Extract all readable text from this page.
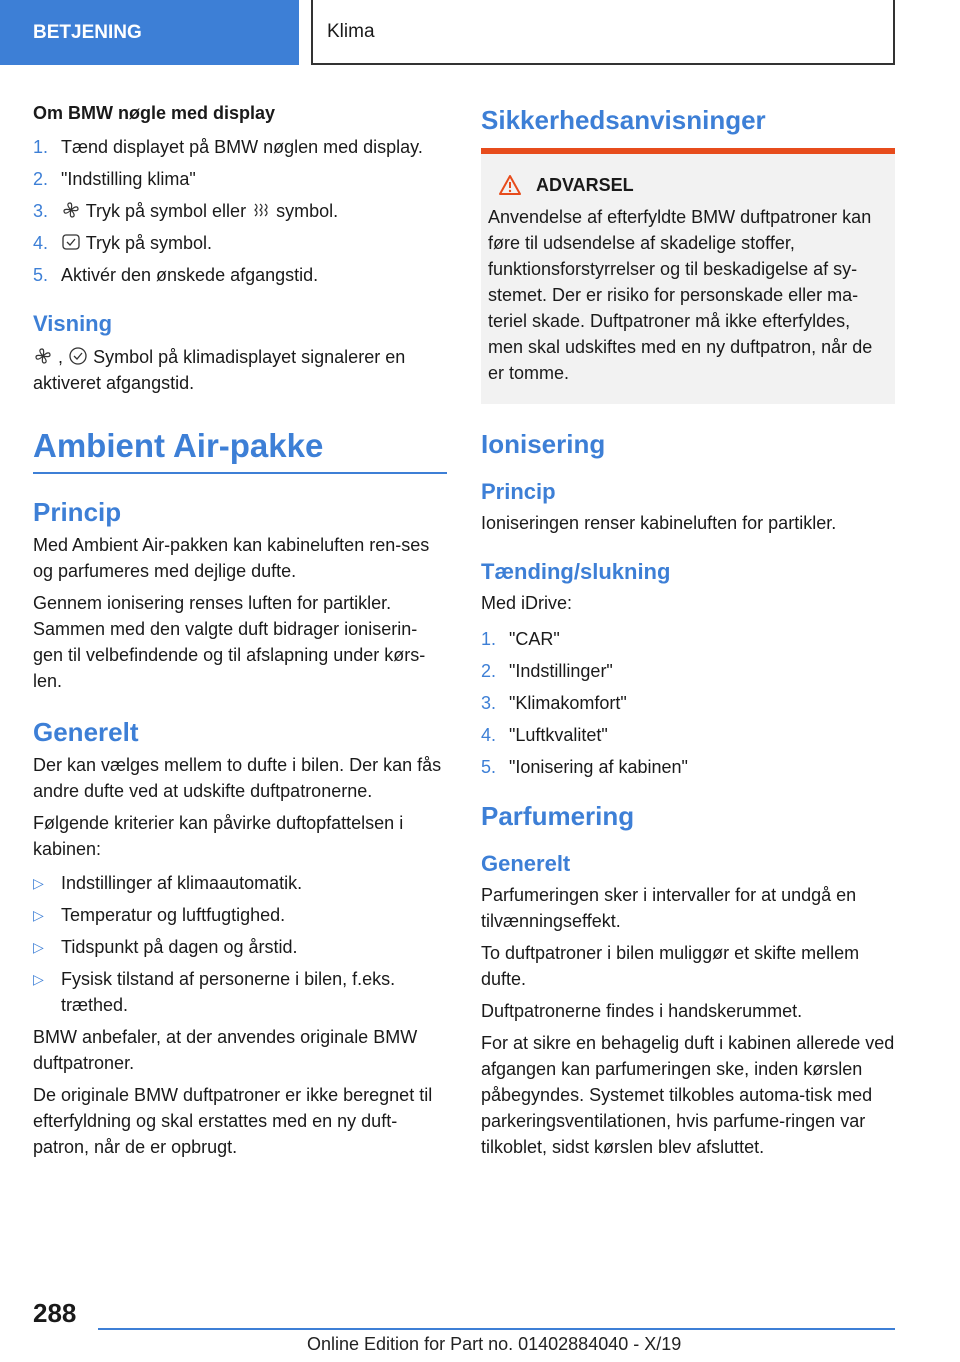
BETJENING	Klima
Om BMW nøgle med display
1. Tænd displayet på BMW nøglen med display.
2. "Indstilling klima"
3. Tryk på symbol eller symbol.
4. Tryk på symbol.
5. Aktivér den ønskede afgangstid.
Visning

, Symbol på klimadisplayet signalerer en aktiveret afgangstid.

Ambient Air-pakke
Princip

Med Ambient Air-pakken kan kabineluften ren-ses og parfumeres med dejlige dufte.

Gennem ionisering renses luften for partikler. Sammen med den valgte duft bidrager ioniserin-gen til velbefindende og til afslapning under kørs-len.

Generelt

Der kan vælges mellem to dufte i bilen. Der kan fås andre dufte ved at udskifte duftpatronerne.

Følgende kriterier kan påvirke duftopfattelsen i kabinen:

▷ Indstillinger af klimaautomatik.
▷ Temperatur og luftfugtighed.
▷ Tidspunkt på dagen og årstid.
▷ Fysisk tilstand af personerne i bilen, f.eks. træthed.

BMW anbefaler, at der anvendes originale BMW duftpatroner.

De originale BMW duftpatroner er ikke beregnet til efterfyldning og skal erstattes med en ny duft-patron, når de er opbrugt.

Sikkerhedsanvisninger
ADVARSEL

Anvendelse af efterfyldte BMW duftpatroner kan føre til udsendelse af skadelige stoffer, funktionsforstyrrelser og til beskadigelse af sy-stemet. Der er risiko for personskade eller ma-teriel skade. Duftpatroner må ikke efterfyldes, men skal udskiftes med en ny duftpatron, når de er tomme.

Ionisering
Princip

Ioniseringen renser kabineluften for partikler.

Tænding/slukning

Med iDrive:

1. "CAR"
2. "Indstillinger"
3. "Klimakomfort"
4. "Luftkvalitet"
5. "Ionisering af kabinen"
Parfumering
Generelt

Parfumeringen sker i intervaller for at undgå en tilvænningseffekt.

To duftpatroner i bilen muliggør et skifte mellem dufte.

Duftpatronerne findes i handskerummet.

For at sikre en behagelig duft i kabinen allerede ved afgangen kan parfumeringen ske, inden kørslen påbegyndes. Systemet tilkobles automa-tisk med parkeringsventilationen, hvis parfume-ringen var tilkoblet, sidst kørslen blev afsluttet.

288
Online Edition for Part no. 01402884040 - X/19
